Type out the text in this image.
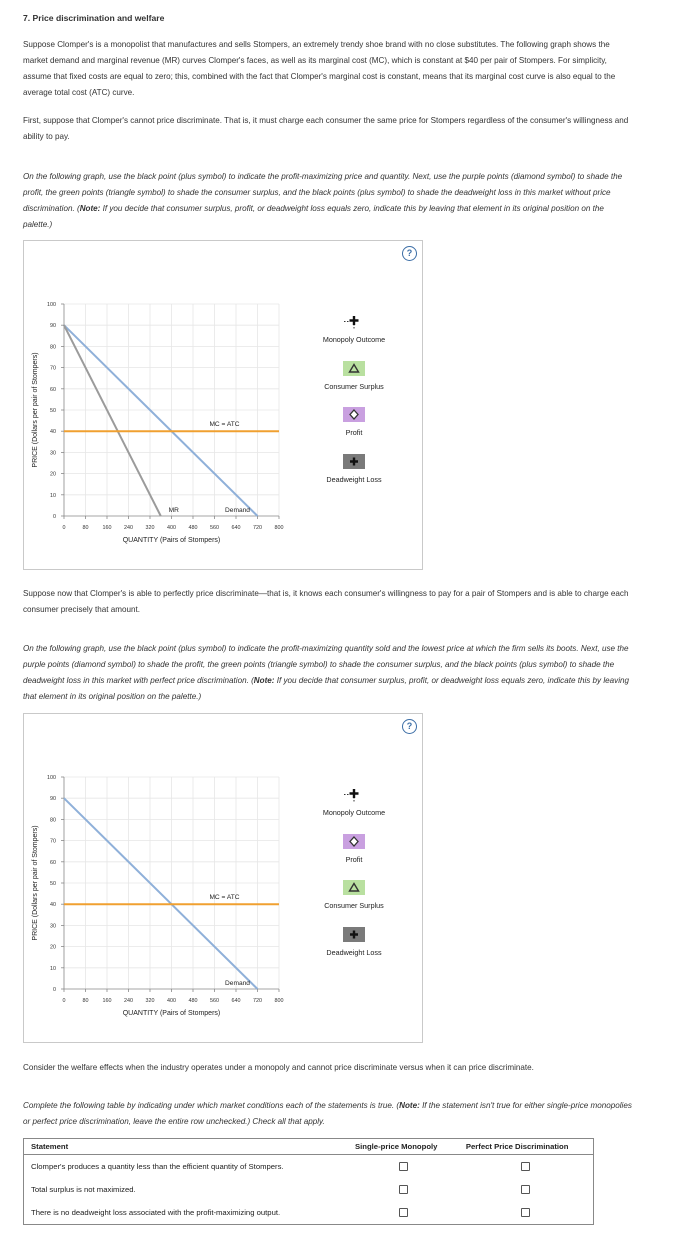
7. Price discrimination and welfare
Suppose Clomper's is a monopolist that manufactures and sells Stompers, an extremely trendy shoe brand with no close substitutes. The following graph shows the market demand and marginal revenue (MR) curves Clomper's faces, as well as its marginal cost (MC), which is constant at $40 per pair of Stompers. For simplicity, assume that fixed costs are equal to zero; this, combined with the fact that Clomper's marginal cost is constant, means that its marginal cost curve is also equal to the average total cost (ATC) curve.
First, suppose that Clomper's cannot price discriminate. That is, it must charge each consumer the same price for Stompers regardless of the consumer's willingness and ability to pay.
On the following graph, use the black point (plus symbol) to indicate the profit-maximizing price and quantity. Next, use the purple points (diamond symbol) to shade the profit, the green points (triangle symbol) to shade the consumer surplus, and the black points (plus symbol) to shade the deadweight loss in this market without price discrimination. (Note: If you decide that consumer surplus, profit, or deadweight loss equals zero, indicate this by leaving that element in its original position on the palette.)
?
0
10
20
30
40
50
60
70
80
90
100
0	80	160 240 320 400 480 560 640 720 800
QUANTITY (Pairs of Stompers)
PRICE (Dollars per pair of Stompers)
Demand
MR
MC = ATC
Monopoly Outcome
Consumer Surplus
Profit
Deadweight Loss
Suppose now that Clomper's is able to perfectly price discriminate—that is, it knows each consumer's willingness to pay for a pair of Stompers and is able to charge each consumer precisely that amount.
On the following graph, use the black point (plus symbol) to indicate the profit-maximizing quantity sold and the lowest price at which the firm sells its boots. Next, use the purple points (diamond symbol) to shade the profit, the green points (triangle symbol) to shade the consumer surplus, and the black points (plus symbol) to shade the deadweight loss in this market with perfect price discrimination. (Note: If you decide that consumer surplus, profit, or deadweight loss equals zero, indicate this by leaving that element in its original position on the palette.)
?
0
10
20
30
40
50
60
70
80
90
100
0	80	160 240 320 400 480 560 640 720 800
QUANTITY (Pairs of Stompers)
PRICE (Dollars per pair of Stompers)
Demand
MC = ATC
Monopoly Outcome
Profit
Consumer Surplus
Deadweight Loss
Consider the welfare effects when the industry operates under a monopoly and cannot price discriminate versus when it can price discriminate.
Complete the following table by indicating under which market conditions each of the statements is true. (Note: If the statement isn't true for either single-price monopolies or perfect price discrimination, leave the entire row unchecked.) Check all that apply.
Statement	Single-price Monopoly	Perfect Price Discrimination
Clomper's produces a quantity less than the efficient quantity of Stompers.		
Total surplus is not maximized.		
There is no deadweight loss associated with the profit-maximizing output.		
